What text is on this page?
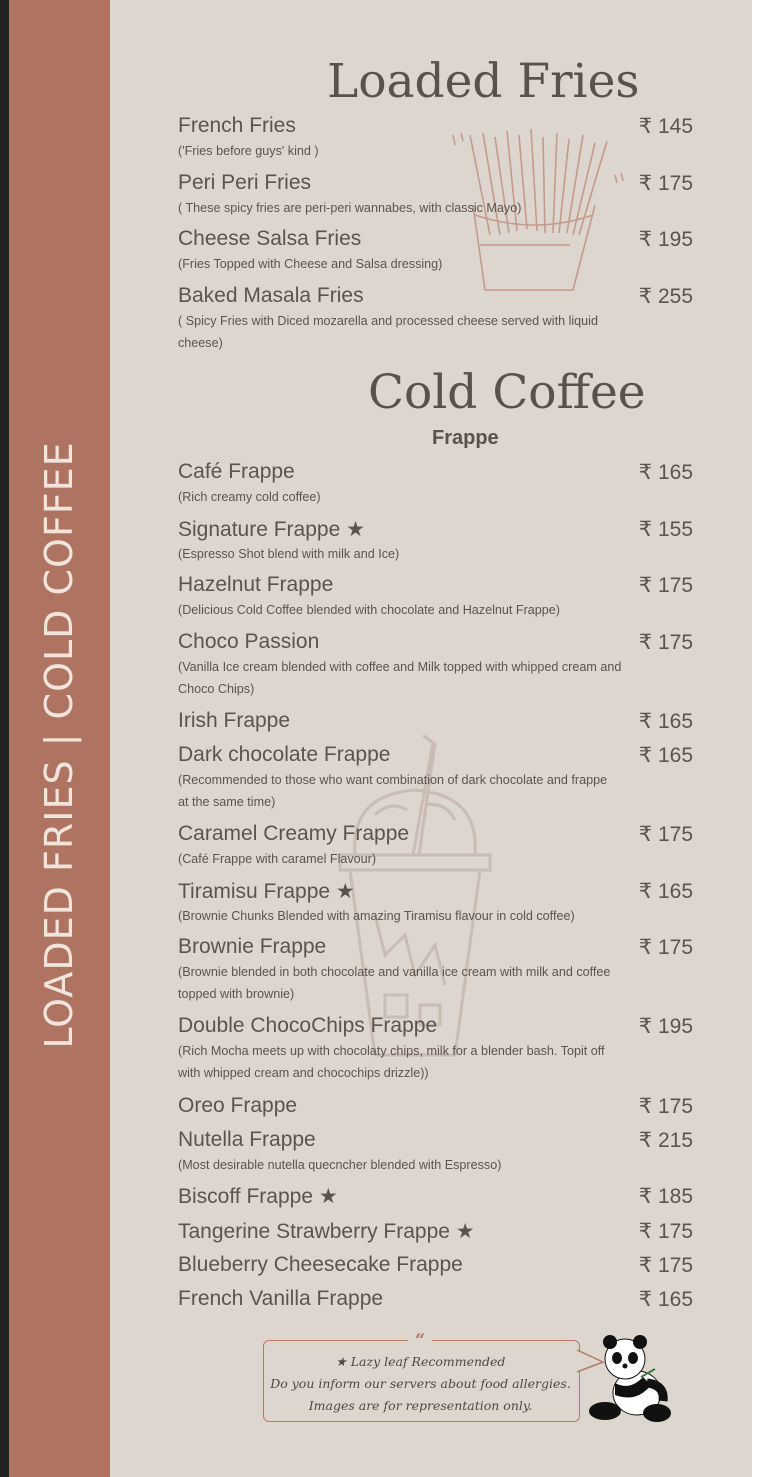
LOADED FRIES | COLD COFFEE
Loaded Fries
French Fries	₹ 145
('Fries before guys' kind )
Peri Peri Fries	₹ 175
( These spicy fries are peri-peri wannabes, with classic Mayo)
Cheese Salsa Fries	₹ 195
(Fries Topped with Cheese and Salsa dressing)
Baked Masala Fries	₹ 255
( Spicy Fries with Diced mozarella and processed cheese served with liquid cheese)
Cold Coffee
Frappe
Café Frappe	₹ 165
(Rich creamy cold coffee)
Signature Frappe ★	₹ 155
(Espresso Shot blend with milk and Ice)
Hazelnut Frappe	₹ 175
(Delicious Cold Coffee blended with chocolate and Hazelnut Frappe)
Choco Passion	₹ 175
(Vanilla Ice cream blended with coffee and Milk topped with whipped cream and Choco Chips)
Irish Frappe	₹ 165
Dark chocolate Frappe	₹ 165
(Recommended to those who want combination of dark chocolate and frappe at the same time)
Caramel Creamy Frappe	₹ 175
(Café Frappe with caramel Flavour)
Tiramisu Frappe ★	₹ 165
(Brownie Chunks Blended with amazing Tiramisu flavour in cold coffee)
Brownie Frappe	₹ 175
(Brownie blended in both chocolate and vanilla ice cream with milk and coffee topped with brownie)
Double ChocoChips Frappe	₹ 195
(Rich Mocha meets up with chocolaty chips, milk for a blender bash. Topit off with whipped cream and chocochips drizzle))
Oreo Frappe	₹ 175
Nutella Frappe	₹ 215
(Most desirable nutella quecncher blended with Espresso)
Biscoff Frappe ★	₹ 185
Tangerine Strawberry Frappe ★	₹ 175
Blueberry Cheesecake Frappe	₹ 175
French Vanilla Frappe	₹ 165
“
★ Lazy leaf Recommended
Do you inform our servers about food allergies.
Images are for representation only.
